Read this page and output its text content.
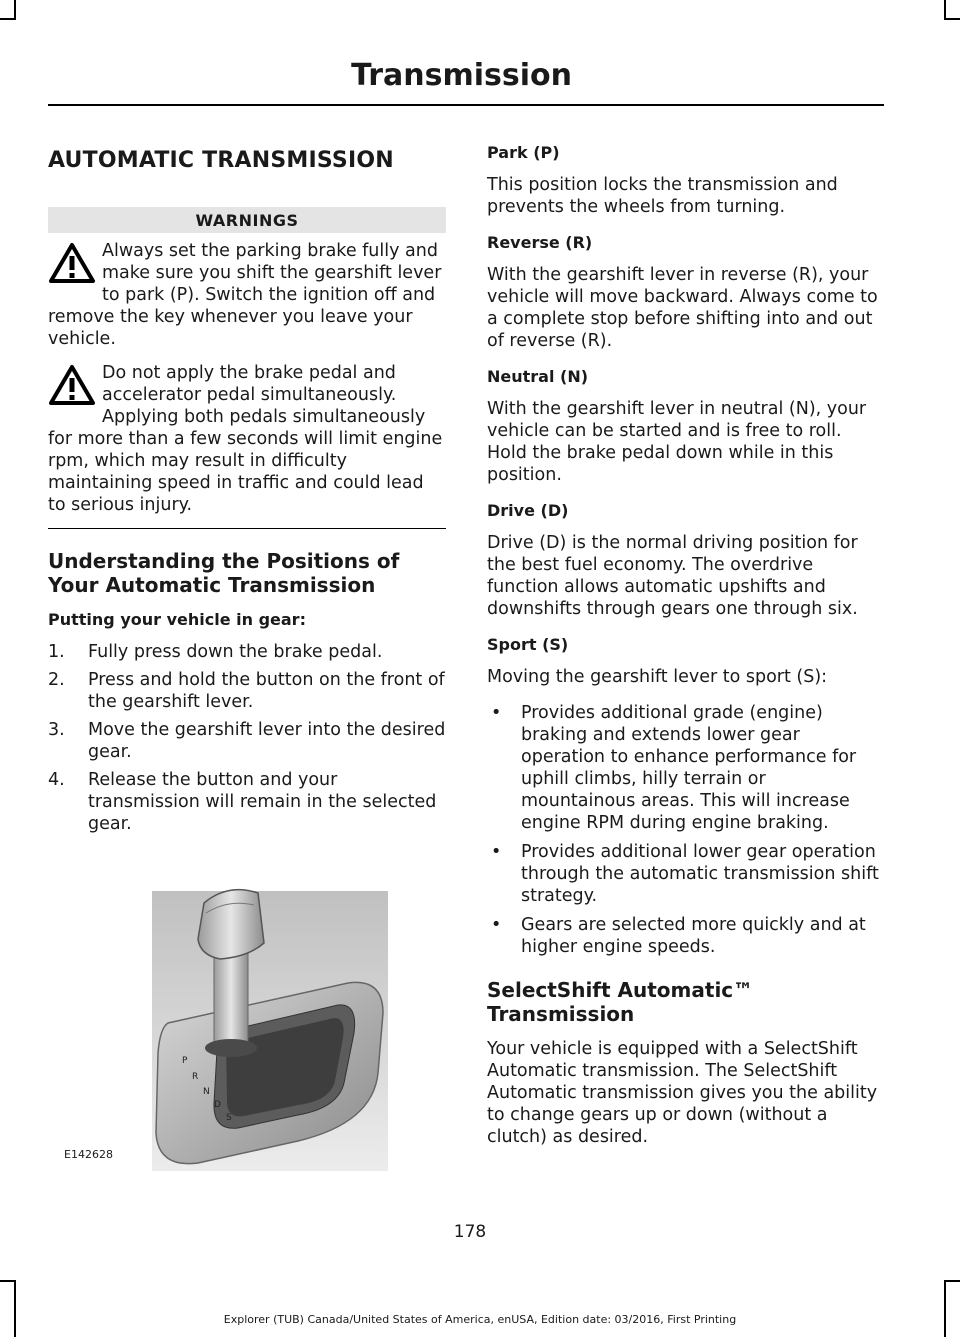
Transmission
AUTOMATIC TRANSMISSION
WARNINGS

Always set the parking brake fully and make sure you shift the gearshift lever to park (P). Switch the ignition off and remove the key whenever you leave your vehicle.

Do not apply the brake pedal and accelerator pedal simultaneously. Applying both pedals simultaneously for more than a few seconds will limit engine rpm, which may result in difficulty maintaining speed in traffic and could lead to serious injury.

Understanding the Positions of Your Automatic Transmission
Putting your vehicle in gear:
1. Fully press down the brake pedal.
2. Press and hold the button on the front of the gearshift lever.
3. Move the gearshift lever into the desired gear.
4. Release the button and your transmission will remain in the selected gear.
P
R
N
D
S
E142628
Park (P)

This position locks the transmission and prevents the wheels from turning.

Reverse (R)

With the gearshift lever in reverse (R), your vehicle will move backward. Always come to a complete stop before shifting into and out of reverse (R).

Neutral (N)

With the gearshift lever in neutral (N), your vehicle can be started and is free to roll. Hold the brake pedal down while in this position.

Drive (D)

Drive (D) is the normal driving position for the best fuel economy. The overdrive function allows automatic upshifts and downshifts through gears one through six.

Sport (S)

Moving the gearshift lever to sport (S):

• Provides additional grade (engine) braking and extends lower gear operation to enhance performance for uphill climbs, hilly terrain or mountainous areas. This will increase engine RPM during engine braking.
• Provides additional lower gear operation through the automatic transmission shift strategy.
• Gears are selected more quickly and at higher engine speeds.
SelectShift Automatic™ Transmission

Your vehicle is equipped with a SelectShift Automatic transmission. The SelectShift Automatic transmission gives you the ability to change gears up or down (without a clutch) as desired.

178
Explorer (TUB) Canada/United States of America, enUSA, Edition date: 03/2016, First Printing
